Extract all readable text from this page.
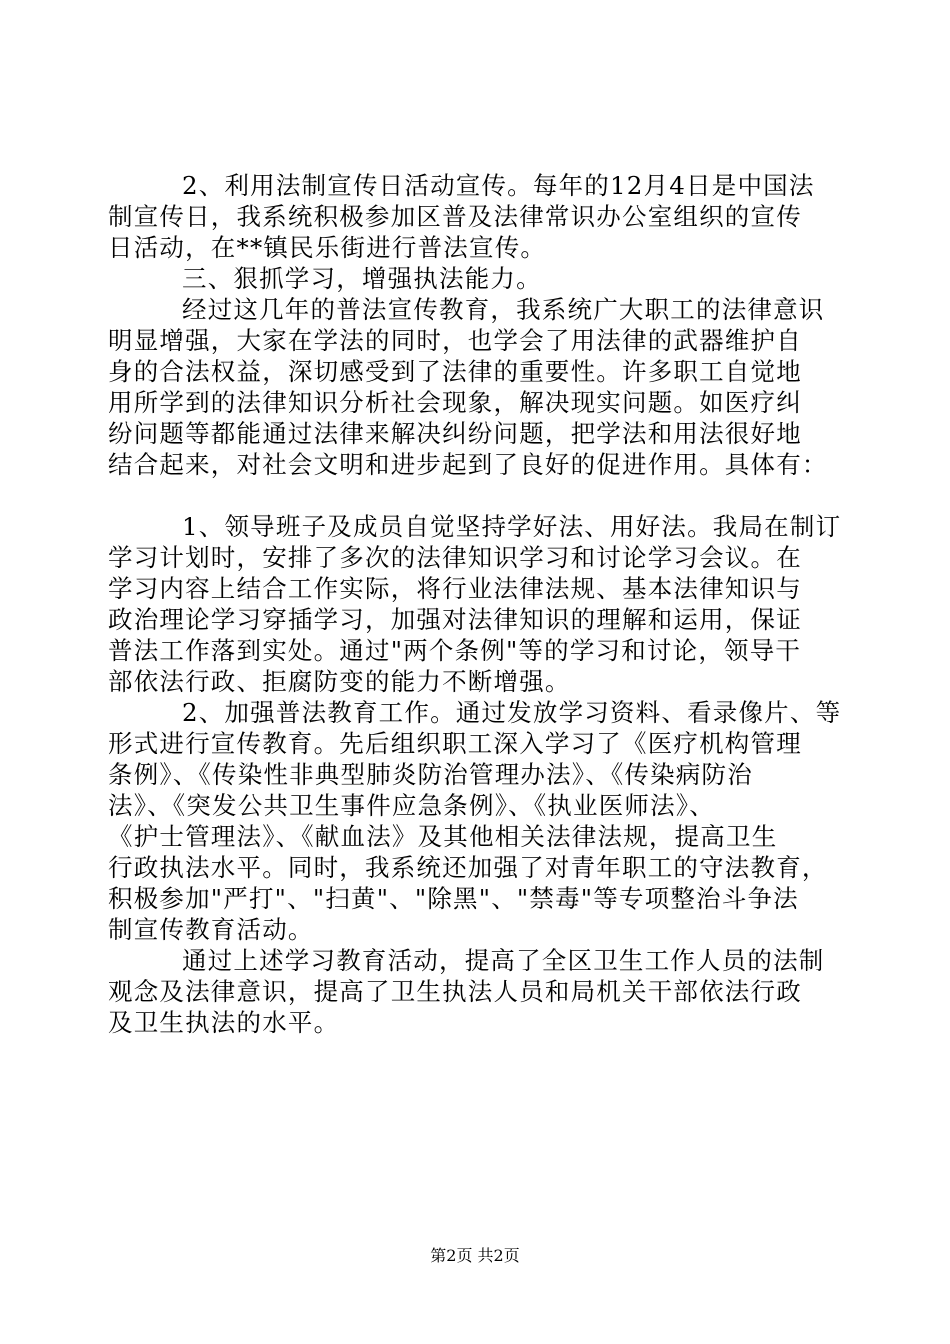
2、利用法制宣传日活动宣传。每年的12月4日是中国法
制宣传日，我系统积极参加区普及法律常识办公室组织的宣传
日活动，在**镇民乐街进行普法宣传。
三、狠抓学习，增强执法能力。
经过这几年的普法宣传教育，我系统广大职工的法律意识
明显增强，大家在学法的同时，也学会了用法律的武器维护自
身的合法权益，深切感受到了法律的重要性。许多职工自觉地
用所学到的法律知识分析社会现象，解决现实问题。如医疗纠
纷问题等都能通过法律来解决纠纷问题，把学法和用法很好地
结合起来，对社会文明和进步起到了良好的促进作用。具体有：
1、领导班子及成员自觉坚持学好法、用好法。我局在制订
学习计划时，安排了多次的法律知识学习和讨论学习会议。在
学习内容上结合工作实际，将行业法律法规、基本法律知识与
政治理论学习穿插学习，加强对法律知识的理解和运用，保证
普法工作落到实处。通过"两个条例"等的学习和讨论，领导干
部依法行政、拒腐防变的能力不断增强。
2、加强普法教育工作。通过发放学习资料、看录像片、等
形式进行宣传教育。先后组织职工深入学习了《医疗机构管理
条例》、《传染性非典型肺炎防治管理办法》、《传染病防治
法》、《突发公共卫生事件应急条例》、《执业医师法》、
《护士管理法》、《献血法》及其他相关法律法规，提高卫生
行政执法水平。同时，我系统还加强了对青年职工的守法教育，
积极参加"严打"、"扫黄"、"除黑"、"禁毒"等专项整治斗争法
制宣传教育活动。
通过上述学习教育活动，提高了全区卫生工作人员的法制
观念及法律意识，提高了卫生执法人员和局机关干部依法行政
及卫生执法的水平。
第2页 共2页
